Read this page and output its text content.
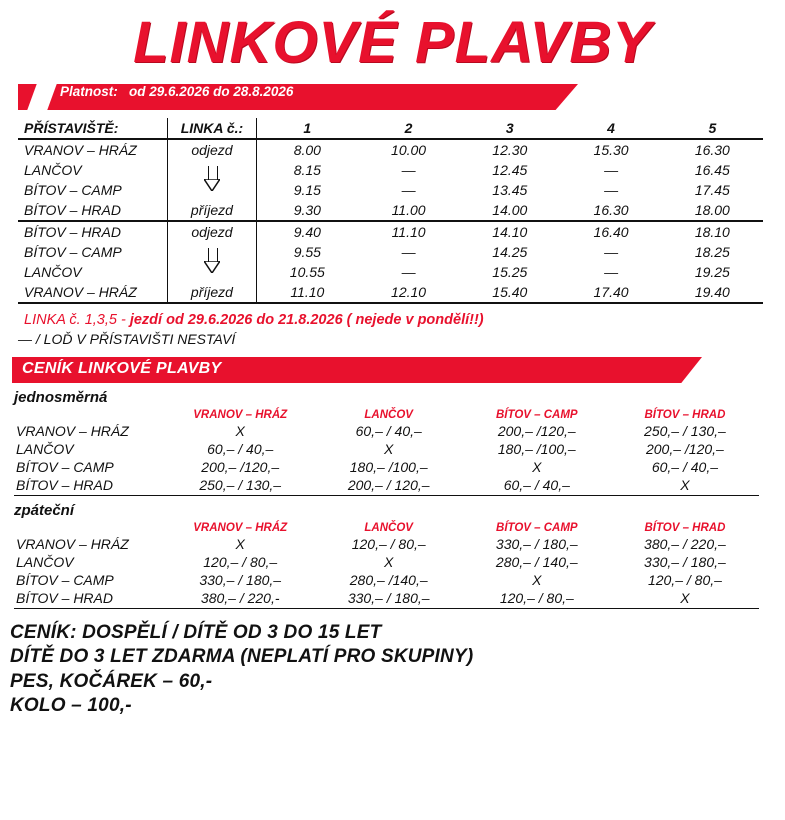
LINKOVÉ PLAVBY
Platnost: od 29.6.2026 do 28.8.2026
PŘÍSTAVIŠTĚ:	LINKA č.:	1	2	3	4	5
VRANOV – HRÁZ	odjezd	8.00	10.00	12.30	15.30	16.30
LANČOV		8.15	—	12.45	—	16.45
BÍTOV – CAMP		9.15	—	13.45	—	17.45
BÍTOV – HRAD	příjezd	9.30	11.00	14.00	16.30	18.00
BÍTOV – HRAD	odjezd	9.40	11.10	14.10	16.40	18.10
BÍTOV – CAMP		9.55	—	14.25	—	18.25
LANČOV		10.55	—	15.25	—	19.25
VRANOV – HRÁZ	příjezd	11.10	12.10	15.40	17.40	19.40
LINKA č. 1,3,5 - jezdí od 29.6.2026 do 21.8.2026 ( nejede v pondělí!!)
— / LOĎ V PŘÍSTAVIŠTI NESTAVÍ
CENÍK LINKOVÉ PLAVBY
jednosměrná
	VRANOV – HRÁZ	LANČOV	BÍTOV – CAMP	BÍTOV – HRAD
VRANOV – HRÁZ	X	60,– / 40,–	200,– /120,–	250,– / 130,–
LANČOV	60,– / 40,–	X	180,– /100,–	200,– /120,–
BÍTOV – CAMP	200,– /120,–	180,– /100,–	X	60,– / 40,–
BÍTOV – HRAD	250,– / 130,–	200,– / 120,–	60,– / 40,–	X

zpáteční
	VRANOV – HRÁZ	LANČOV	BÍTOV – CAMP	BÍTOV – HRAD
VRANOV – HRÁZ	X	120,– / 80,–	330,– / 180,–	380,– / 220,–
LANČOV	120,– / 80,–	X	280,– / 140,–	330,– / 180,–
BÍTOV – CAMP	330,– / 180,–	280,– /140,–	X	120,– / 80,–
BÍTOV – HRAD	380,– / 220,-	330,– / 180,–	120,– / 80,–	X

CENÍK: DOSPĚLÍ / DÍTĚ OD 3 DO 15 LET
DÍTĚ DO 3 LET ZDARMA (NEPLATÍ PRO SKUPINY)
PES, KOČÁREK – 60,-
KOLO – 100,-
